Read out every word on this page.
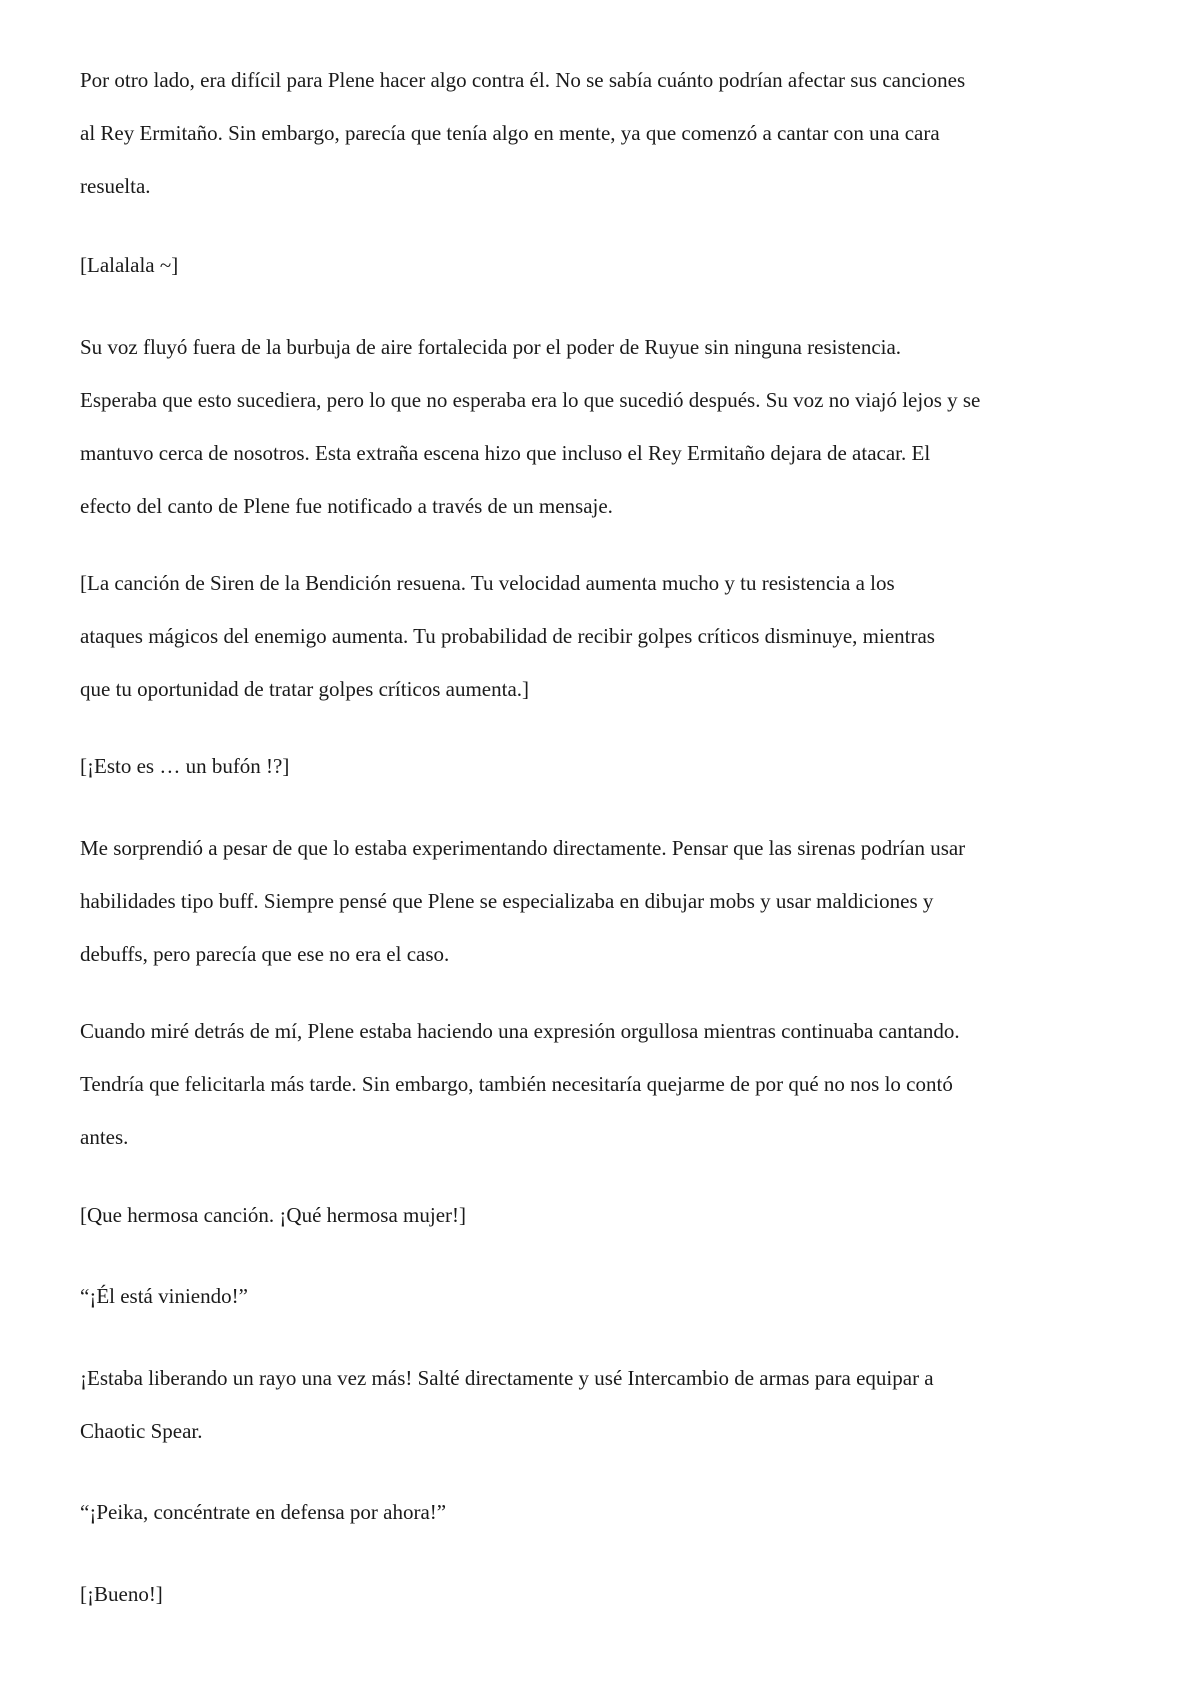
Por otro lado, era difícil para Plene hacer algo contra él. No se sabía cuánto podrían afectar sus canciones
al Rey Ermitaño. Sin embargo, parecía que tenía algo en mente, ya que comenzó a cantar con una cara
resuelta.

[Lalalala ~]

Su voz fluyó fuera de la burbuja de aire fortalecida por el poder de Ruyue sin ninguna resistencia.
Esperaba que esto sucediera, pero lo que no esperaba era lo que sucedió después. Su voz no viajó lejos y se
mantuvo cerca de nosotros. Esta extraña escena hizo que incluso el Rey Ermitaño dejara de atacar. El
efecto del canto de Plene fue notificado a través de un mensaje.

[La canción de Siren de la Bendición resuena. Tu velocidad aumenta mucho y tu resistencia a los
ataques mágicos del enemigo aumenta. Tu probabilidad de recibir golpes críticos disminuye, mientras
que tu oportunidad de tratar golpes críticos aumenta.]

[¡Esto es … un bufón !?]

Me sorprendió a pesar de que lo estaba experimentando directamente. Pensar que las sirenas podrían usar
habilidades tipo buff. Siempre pensé que Plene se especializaba en dibujar mobs y usar maldiciones y
debuffs, pero parecía que ese no era el caso.

Cuando miré detrás de mí, Plene estaba haciendo una expresión orgullosa mientras continuaba cantando.
Tendría que felicitarla más tarde. Sin embargo, también necesitaría quejarme de por qué no nos lo contó
antes.

[Que hermosa canción. ¡Qué hermosa mujer!]

“¡Él está viniendo!”

¡Estaba liberando un rayo una vez más! Salté directamente y usé Intercambio de armas para equipar a
Chaotic Spear.

“¡Peika, concéntrate en defensa por ahora!”

[¡Bueno!]
